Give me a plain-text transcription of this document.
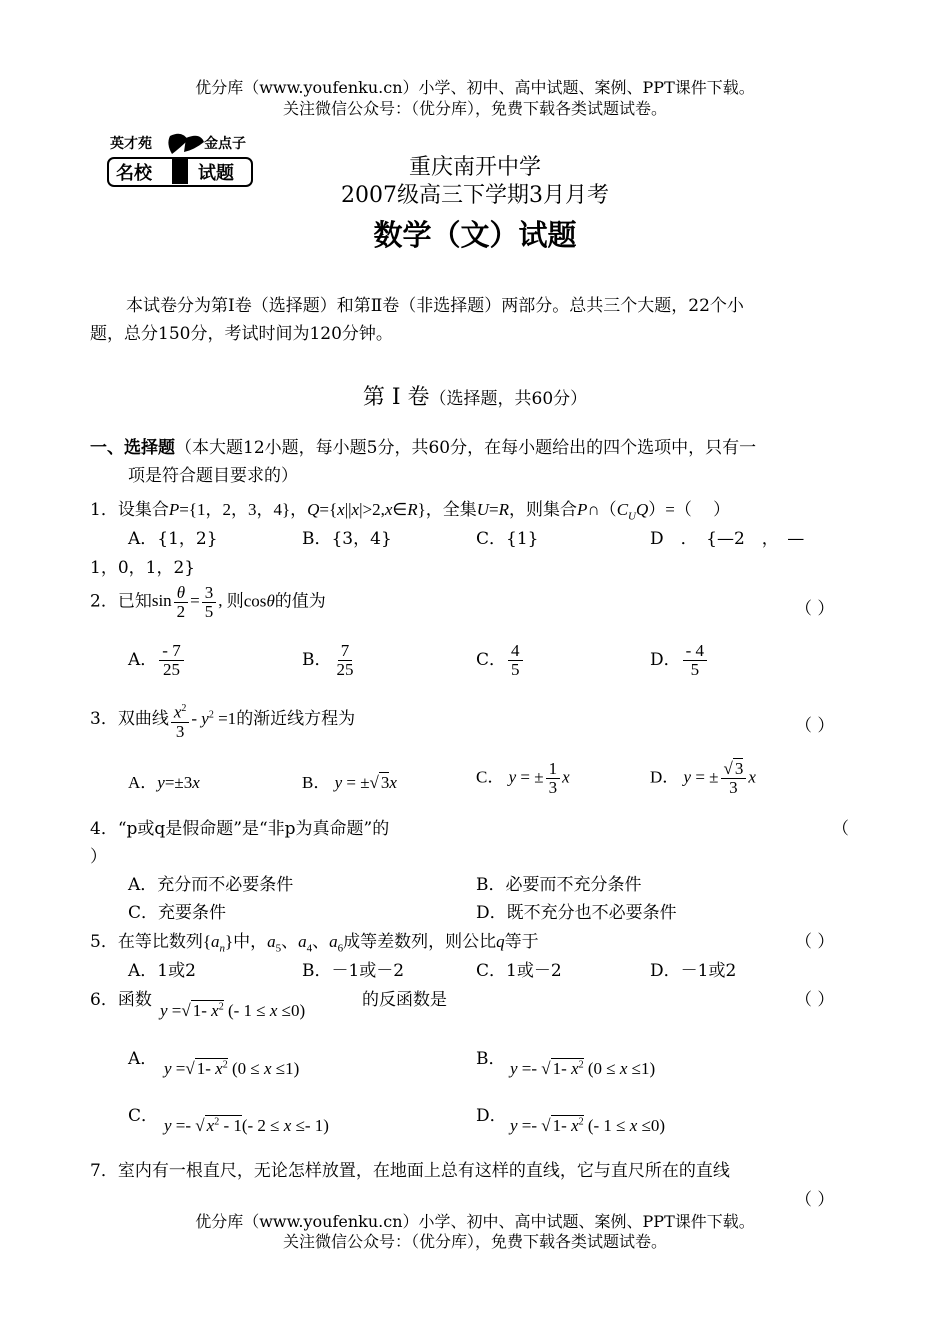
优分库（www.youfenku.cn）小学、初中、高中试题、案例、PPT课件下载。
关注微信公众号：（优分库），免费下载各类试题试卷。
英才苑	金点子
名校	试题	重庆南开中学
2007级高三下学期3月月考
数学（文）试题
本试卷分为第Ⅰ卷（选择题）和第Ⅱ卷（非选择题）两部分。总共三个大题，22个小
题，总分150分，考试时间为120分钟。
第 Ⅰ 卷（选择题，共60分）
一、选择题（本大题12小题，每小题5分，共60分，在每小题给出的四个选项中，只有一
项是符合题目要求的）
1．设集合P={1，2，3，4}，Q={x||x|>2,x∈R}，全集U=R，则集合$P\cap(C_UQ)=$（　 ）
A．{1，2}	B．{3，4}	C．{1}	D　．　{—2　，　—
1，0，1，2}
2．已知$\sin \frac{\theta}{2} = \frac{3}{5}$ , 则cosθ的值为	（ ）
A． $\frac{- 7}{25}$	B． $\frac{7}{25}$	C． $\frac{4}{5}$	D． $\frac{- 4}{5}$
3．双曲线 $\frac{x^2}{3} - y^2 =1$的渐近线方程为	（ ）
A．y=±3x	B． y = ±√ 3x	C． y = ± $\frac{1}{3}$ x	D． y = ± $\frac{√ 3}{3}$ x
4．“p或q是假命题”是“非p为真命题”的	（
）
A．充分而不必要条件	B．必要而不充分条件
C．充要条件	D．既不充分也不必要条件
5．在等比数列$\{a_n\}$中，$a_5$、$a_4$、$a_6$成等差数列，则公比q等于	（ ）
A．1或2	B．－1或－2	C．1或－2	D．－1或2
6．函数
y =√ 1- $x^2$ (- 1 ≤ x ≤0)
的反函数是	（ ）
A． y =√ 1- $x^2$ (0 ≤ x ≤1)	B． y =- √ 1- $x^2$ (0 ≤ x ≤1)
C． y =- √ $x^2 - 1(-$ 2 ≤ x ≤- 1)	D． y =- √ 1- $x^2$ (- 1 ≤ x ≤0)
7．室内有一根直尺，无论怎样放置，在地面上总有这样的直线，它与直尺所在的直线
（ ）
优分库（www.youfenku.cn）小学、初中、高中试题、案例、PPT课件下载。
关注微信公众号：（优分库），免费下载各类试题试卷。
